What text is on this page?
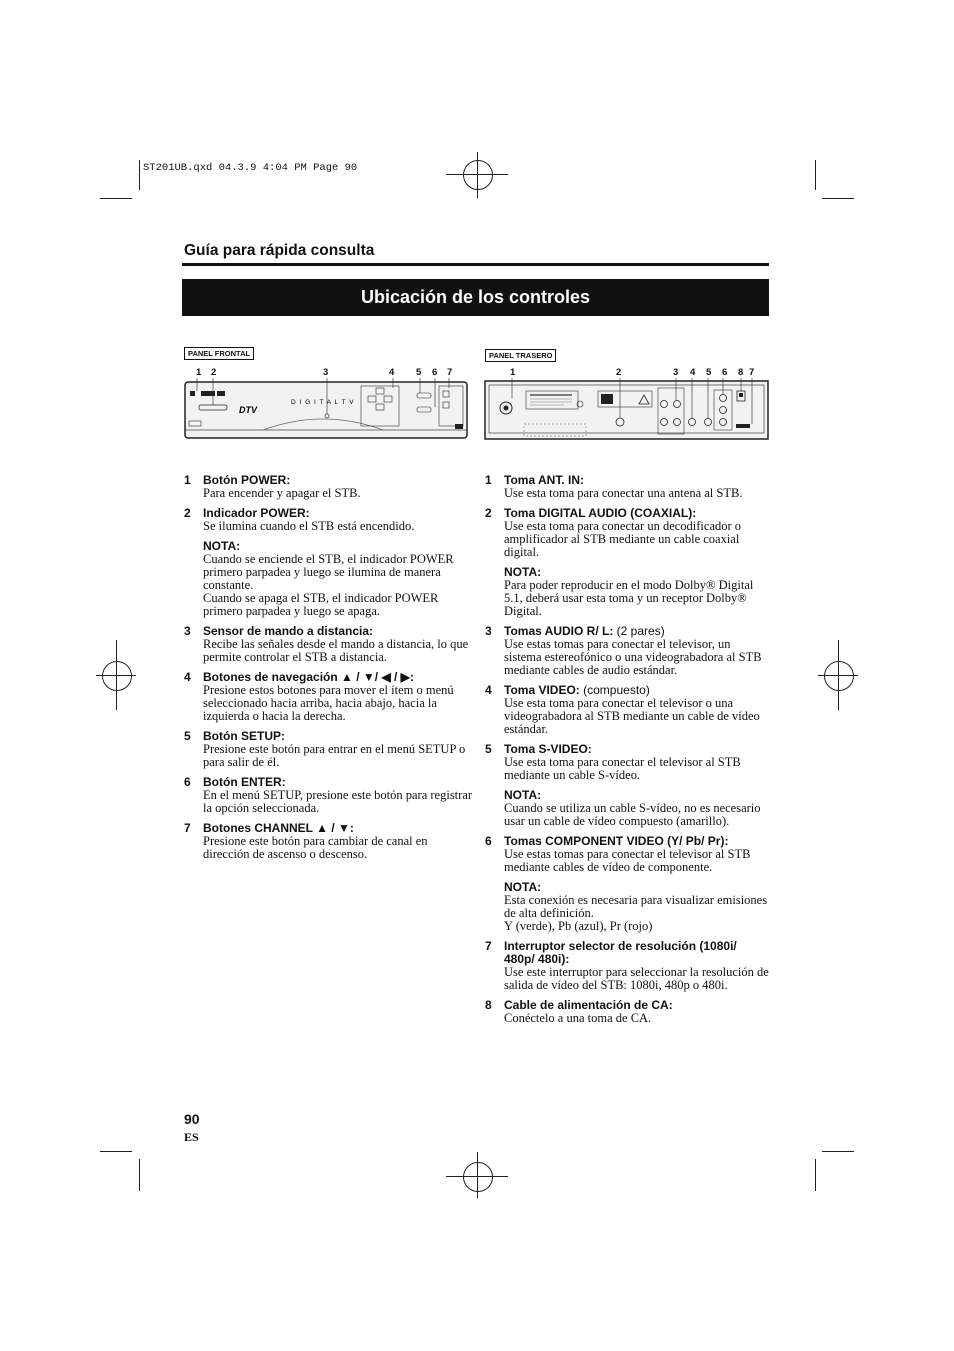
ST201UB.qxd 04.3.9 4:04 PM Page 90
Guía para rápida consulta
Ubicación de los controles
PANEL FRONTAL
1 2	3	4 5 6 7
DTV
D I G I T A L T V
PANEL TRASERO
1	2	3 4 5 6 8 7
1 Botón POWER:
Para encender y apagar el STB.
2 Indicador POWER:
Se ilumina cuando el STB está encendido.
NOTA:
Cuando se enciende el STB, el indicador POWER primero parpadea y luego se ilumina de manera constante.
Cuando se apaga el STB, el indicador POWER primero parpadea y luego se apaga.
3 Sensor de mando a distancia:
Recibe las señales desde el mando a distancia, lo que permite controlar el STB a distancia.
4 Botones de navegación ▲ / ▼/ ◀ / ▶:
Presione estos botones para mover el ítem o menú seleccionado hacia arriba, hacia abajo, hacia la izquierda o hacia la derecha.
5 Botón SETUP:
Presione este botón para entrar en el menú SETUP o para salir de él.
6 Botón ENTER:
En el menú SETUP, presione este botón para registrar la opción seleccionada.
7 Botones CHANNEL ▲ / ▼:
Presione este botón para cambiar de canal en dirección de ascenso o descenso.
1 Toma ANT. IN:
Use esta toma para conectar una antena al STB.
2 Toma DIGITAL AUDIO (COAXIAL):
Use esta toma para conectar un decodificador o amplificador al STB mediante un cable coaxial digital.
NOTA:
Para poder reproducir en el modo Dolby® Digital 5.1, deberá usar esta toma y un receptor Dolby® Digital.
3 Tomas AUDIO R/ L: (2 pares)
Use estas tomas para conectar el televisor, un sistema estereofónico o una videograbadora al STB mediante cables de audio estándar.
4 Toma VIDEO: (compuesto)
Use esta toma para conectar el televisor o una videograbadora al STB mediante un cable de vídeo estándar.
5 Toma S-VIDEO:
Use esta toma para conectar el televisor al STB mediante un cable S-vídeo.
NOTA:
Cuando se utiliza un cable S-vídeo, no es necesario usar un cable de vídeo compuesto (amarillo).
6 Tomas COMPONENT VIDEO (Y/ Pb/ Pr):
Use estas tomas para conectar el televisor al STB mediante cables de vídeo de componente.
NOTA:
Esta conexión es necesaria para visualizar emisiones de alta definición.
Y (verde), Pb (azul), Pr (rojo)
7 Interruptor selector de resolución (1080i/ 480p/ 480i):
Use este interruptor para seleccionar la resolución de salida de vídeo del STB: 1080i, 480p o 480i.
8 Cable de alimentación de CA:
Conéctelo a una toma de CA.
90
ES
